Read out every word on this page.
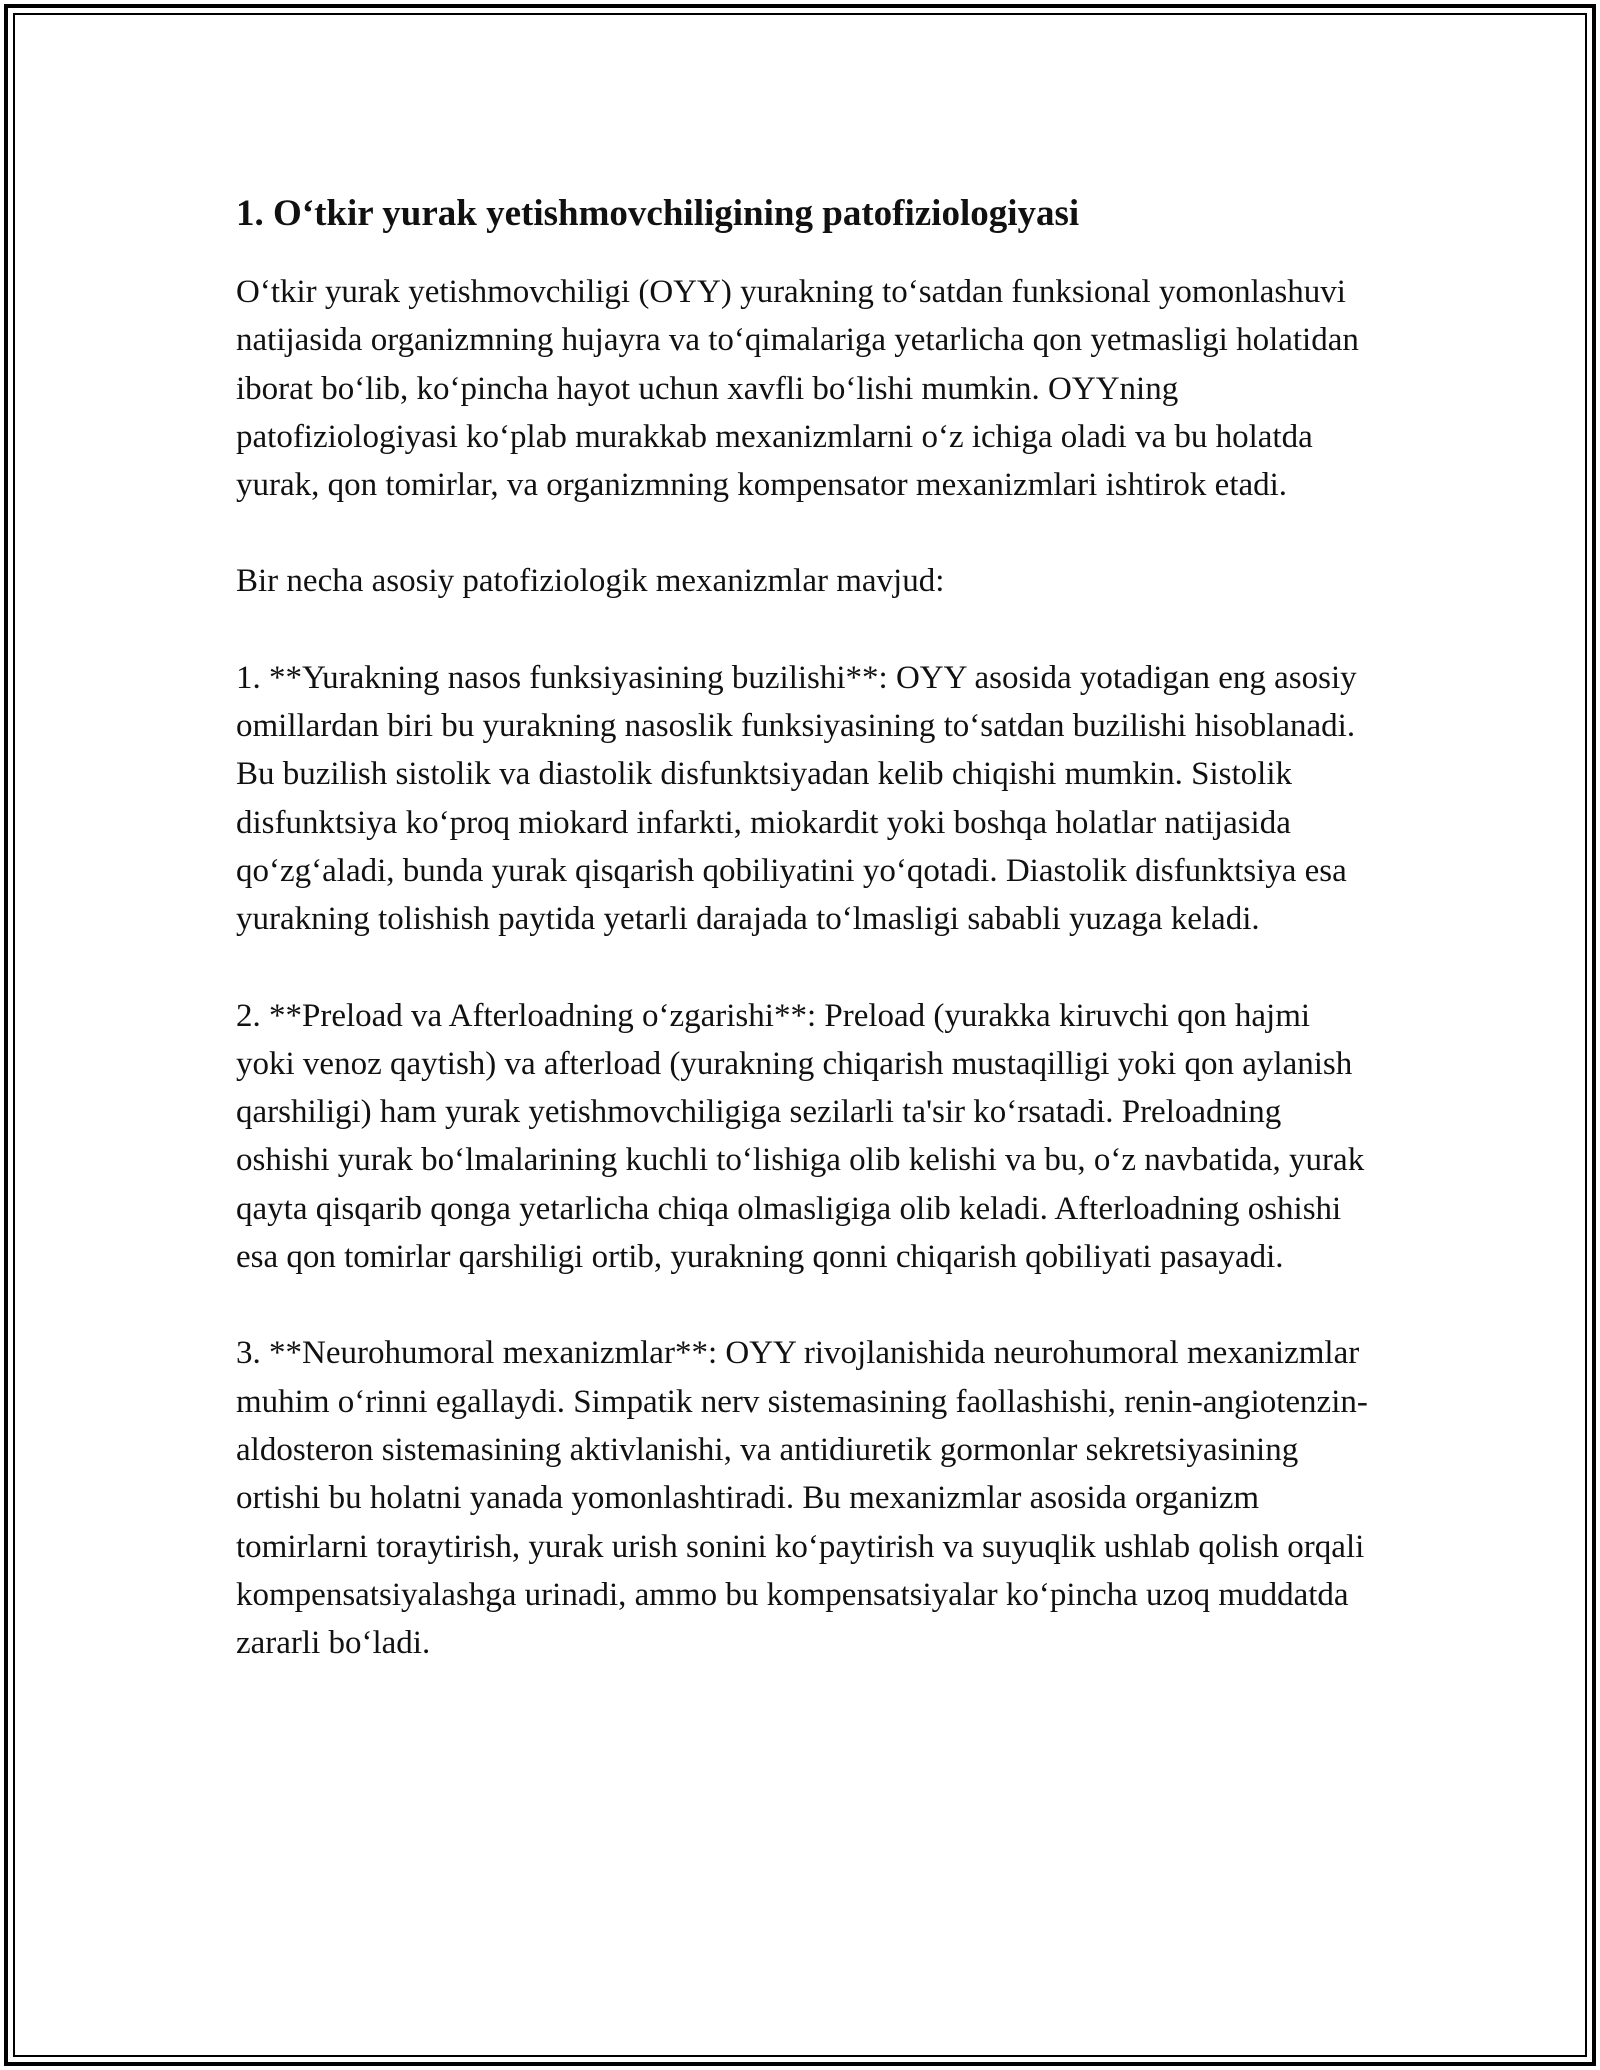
1. O‘tkir yurak yetishmovchiligining patofiziologiyasi

O‘tkir yurak yetishmovchiligi (OYY) yurakning to‘satdan funksional yomonlashuvi natijasida organizmning hujayra va to‘qimalariga yetarlicha qon yetmasligi holatidan iborat bo‘lib, ko‘pincha hayot uchun xavfli bo‘lishi mumkin. OYYning patofiziologiyasi ko‘plab murakkab mexanizmlarni o‘z ichiga oladi va bu holatda yurak, qon tomirlar, va organizmning kompensator mexanizmlari ishtirok etadi.

Bir necha asosiy patofiziologik mexanizmlar mavjud:

1. **Yurakning nasos funksiyasining buzilishi**: OYY asosida yotadigan eng asosiy omillardan biri bu yurakning nasoslik funksiyasining to‘satdan buzilishi hisoblanadi. Bu buzilish sistolik va diastolik disfunktsiyadan kelib chiqishi mumkin. Sistolik disfunktsiya ko‘proq miokard infarkti, miokardit yoki boshqa holatlar natijasida qo‘zg‘aladi, bunda yurak qisqarish qobiliyatini yo‘qotadi. Diastolik disfunktsiya esa yurakning tolishish paytida yetarli darajada to‘lmasligi sababli yuzaga keladi.

2. **Preload va Afterloadning o‘zgarishi**: Preload (yurakka kiruvchi qon hajmi yoki venoz qaytish) va afterload (yurakning chiqarish mustaqilligi yoki qon aylanish qarshiligi) ham yurak yetishmovchiligiga sezilarli ta'sir ko‘rsatadi. Preloadning oshishi yurak bo‘lmalarining kuchli to‘lishiga olib kelishi va bu, o‘z navbatida, yurak qayta qisqarib qonga yetarlicha chiqa olmasligiga olib keladi. Afterloadning oshishi esa qon tomirlar qarshiligi ortib, yurakning qonni chiqarish qobiliyati pasayadi.

3. **Neurohumoral mexanizmlar**: OYY rivojlanishida neurohumoral mexanizmlar muhim o‘rinni egallaydi. Simpatik nerv sistemasining faollashishi, renin-angiotenzin-aldosteron sistemasining aktivlanishi, va antidiuretik gormonlar sekretsiyasining ortishi bu holatni yanada yomonlashtiradi. Bu mexanizmlar asosida organizm tomirlarni toraytirish, yurak urish sonini ko‘paytirish va suyuqlik ushlab qolish orqali kompensatsiyalashga urinadi, ammo bu kompensatsiyalar ko‘pincha uzoq muddatda zararli bo‘ladi.
